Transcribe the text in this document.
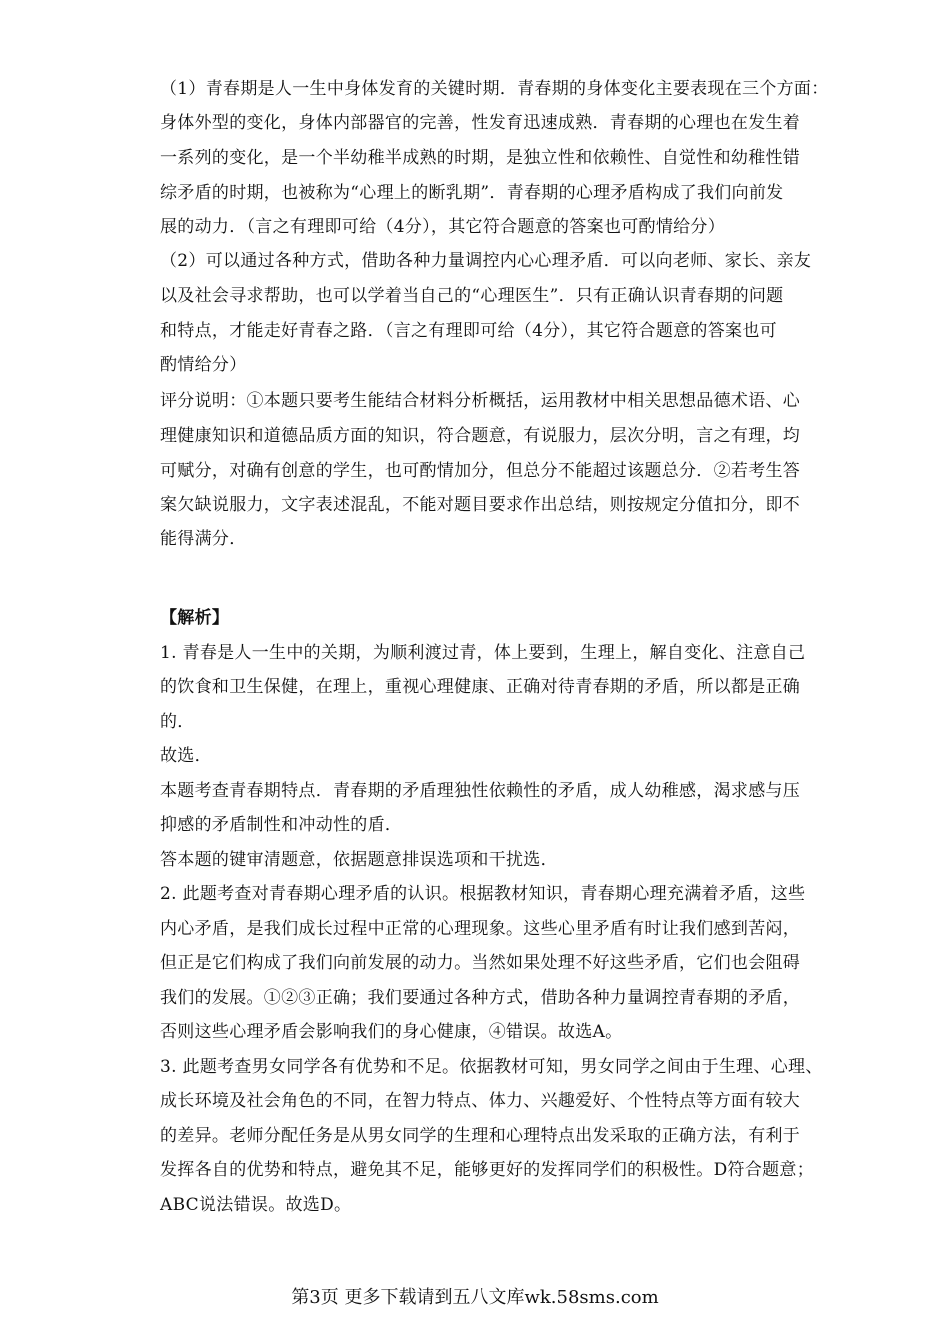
（1）青春期是人一生中身体发育的关键时期．青春期的身体变化主要表现在三个方面：
身体外型的变化，身体内部器官的完善，性发育迅速成熟．青春期的心理也在发生着
一系列的变化，是一个半幼稚半成熟的时期，是独立性和依赖性、自觉性和幼稚性错
综矛盾的时期，也被称为“心理上的断乳期”．青春期的心理矛盾构成了我们向前发
展的动力．（言之有理即可给（4分），其它符合题意的答案也可酌情给分）
（2）可以通过各种方式，借助各种力量调控内心心理矛盾．可以向老师、家长、亲友
以及社会寻求帮助，也可以学着当自己的“心理医生”．只有正确认识青春期的问题
和特点，才能走好青春之路．（言之有理即可给（4分），其它符合题意的答案也可
酌情给分）
评分说明：①本题只要考生能结合材料分析概括，运用教材中相关思想品德术语、心
理健康知识和道德品质方面的知识，符合题意，有说服力，层次分明，言之有理，均
可赋分，对确有创意的学生，也可酌情加分，但总分不能超过该题总分．②若考生答
案欠缺说服力，文字表述混乱，不能对题目要求作出总结，则按规定分值扣分，即不
能得满分．
【解析】
1. 青春是人一生中的关期，为顺利渡过青，体上要到，生理上，解自变化、注意自己
的饮食和卫生保健，在理上，重视心理健康、正确对待青春期的矛盾，所以都是正确
的．
故选．
本题考查青春期特点．青春期的矛盾理独性依赖性的矛盾，成人幼稚感，渴求感与压
抑感的矛盾制性和冲动性的盾．
答本题的键审清题意，依据题意排误选项和干扰选．
2. 此题考查对青春期心理矛盾的认识。根据教材知识，青春期心理充满着矛盾，这些
内心矛盾，是我们成长过程中正常的心理现象。这些心里矛盾有时让我们感到苦闷，
但正是它们构成了我们向前发展的动力。当然如果处理不好这些矛盾，它们也会阻碍
我们的发展。①②③正确；我们要通过各种方式，借助各种力量调控青春期的矛盾，
否则这些心理矛盾会影响我们的身心健康，④错误。故选A。
3. 此题考查男女同学各有优势和不足。依据教材可知，男女同学之间由于生理、心理、
成长环境及社会角色的不同，在智力特点、体力、兴趣爱好、个性特点等方面有较大
的差异。老师分配任务是从男女同学的生理和心理特点出发采取的正确方法，有利于
发挥各自的优势和特点，避免其不足，能够更好的发挥同学们的积极性。D符合题意；
ABC说法错误。故选D。
第3页 更多下载请到五八文库wk.58sms.com
